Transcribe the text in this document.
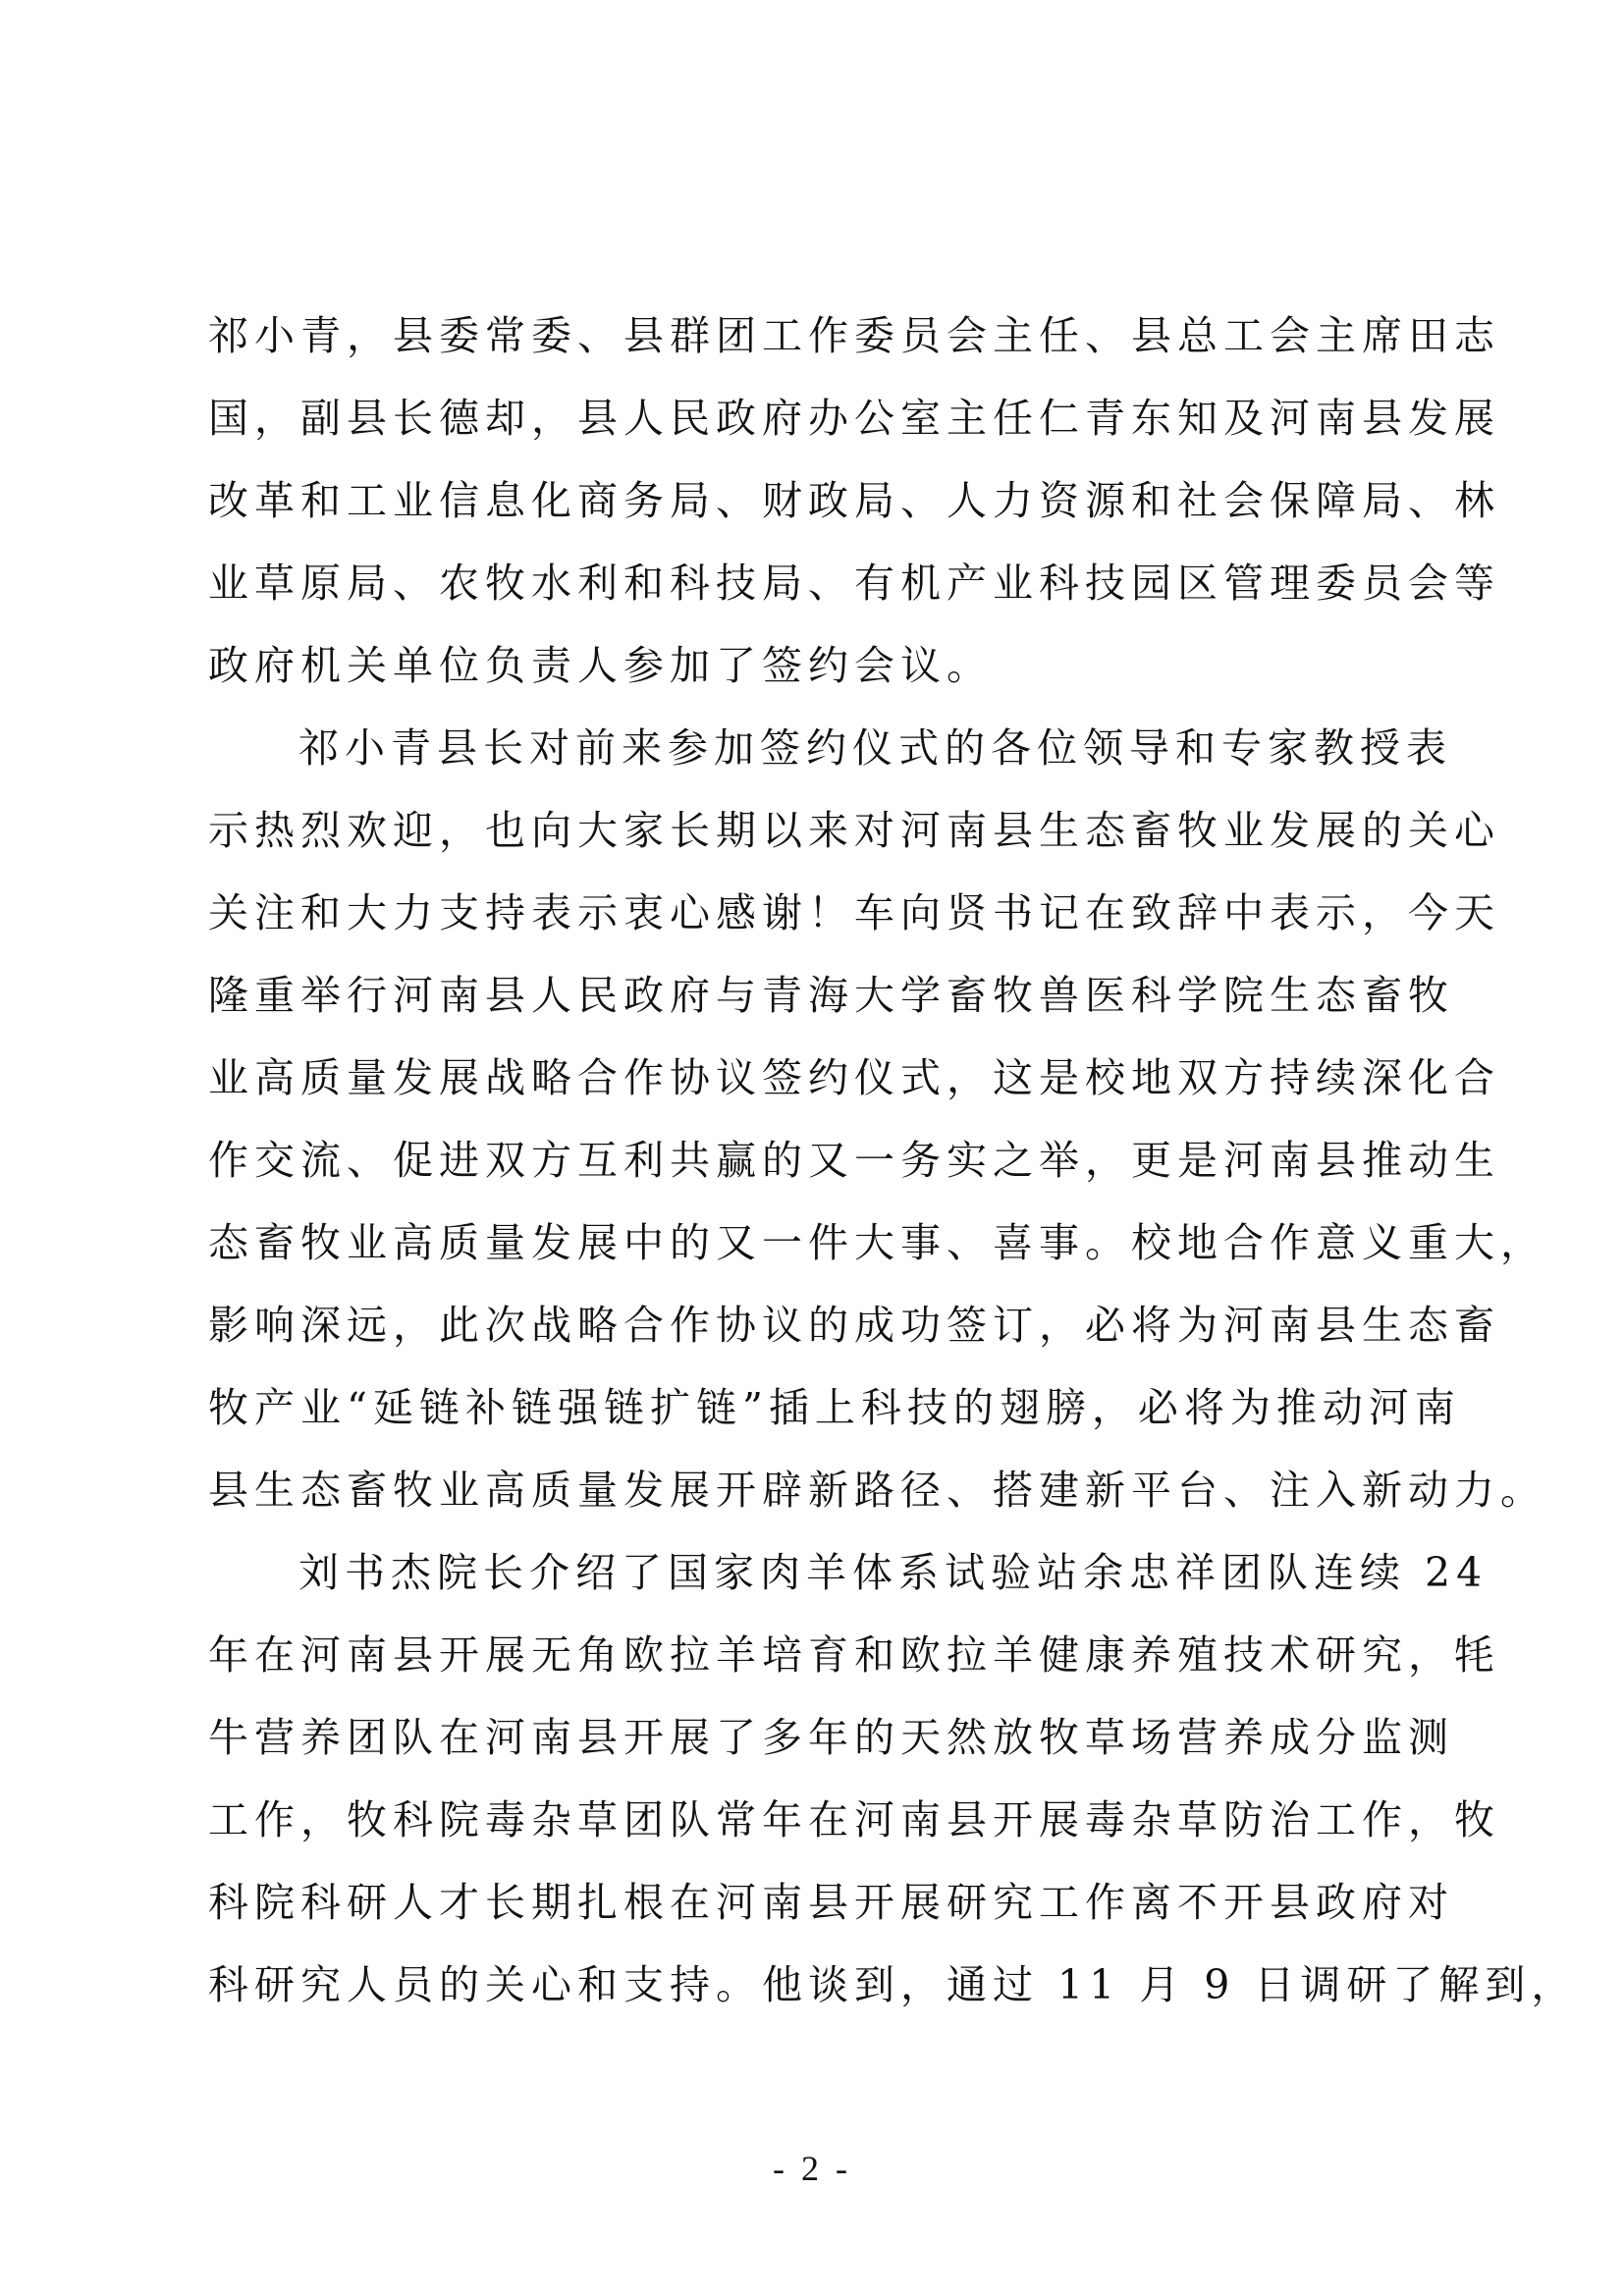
祁小青，县委常委、县群团工作委员会主任、县总工会主席田志
国，副县长德却，县人民政府办公室主任仁青东知及河南县发展
改革和工业信息化商务局、财政局、人力资源和社会保障局、林
业草原局、农牧水利和科技局、有机产业科技园区管理委员会等
政府机关单位负责人参加了签约会议。
祁小青县长对前来参加签约仪式的各位领导和专家教授表
示热烈欢迎，也向大家长期以来对河南县生态畜牧业发展的关心
关注和大力支持表示衷心感谢！车向贤书记在致辞中表示，今天
隆重举行河南县人民政府与青海大学畜牧兽医科学院生态畜牧
业高质量发展战略合作协议签约仪式，这是校地双方持续深化合
作交流、促进双方互利共赢的又一务实之举，更是河南县推动生
态畜牧业高质量发展中的又一件大事、喜事。校地合作意义重大，
影响深远，此次战略合作协议的成功签订，必将为河南县生态畜
牧产业“延链补链强链扩链”插上科技的翅膀，必将为推动河南
县生态畜牧业高质量发展开辟新路径、搭建新平台、注入新动力。
刘书杰院长介绍了国家肉羊体系试验站余忠祥团队连续 24
年在河南县开展无角欧拉羊培育和欧拉羊健康养殖技术研究，牦
牛营养团队在河南县开展了多年的天然放牧草场营养成分监测
工作，牧科院毒杂草团队常年在河南县开展毒杂草防治工作，牧
科院科研人才长期扎根在河南县开展研究工作离不开县政府对
科研究人员的关心和支持。他谈到，通过 11 月 9 日调研了解到，
- 2 -
